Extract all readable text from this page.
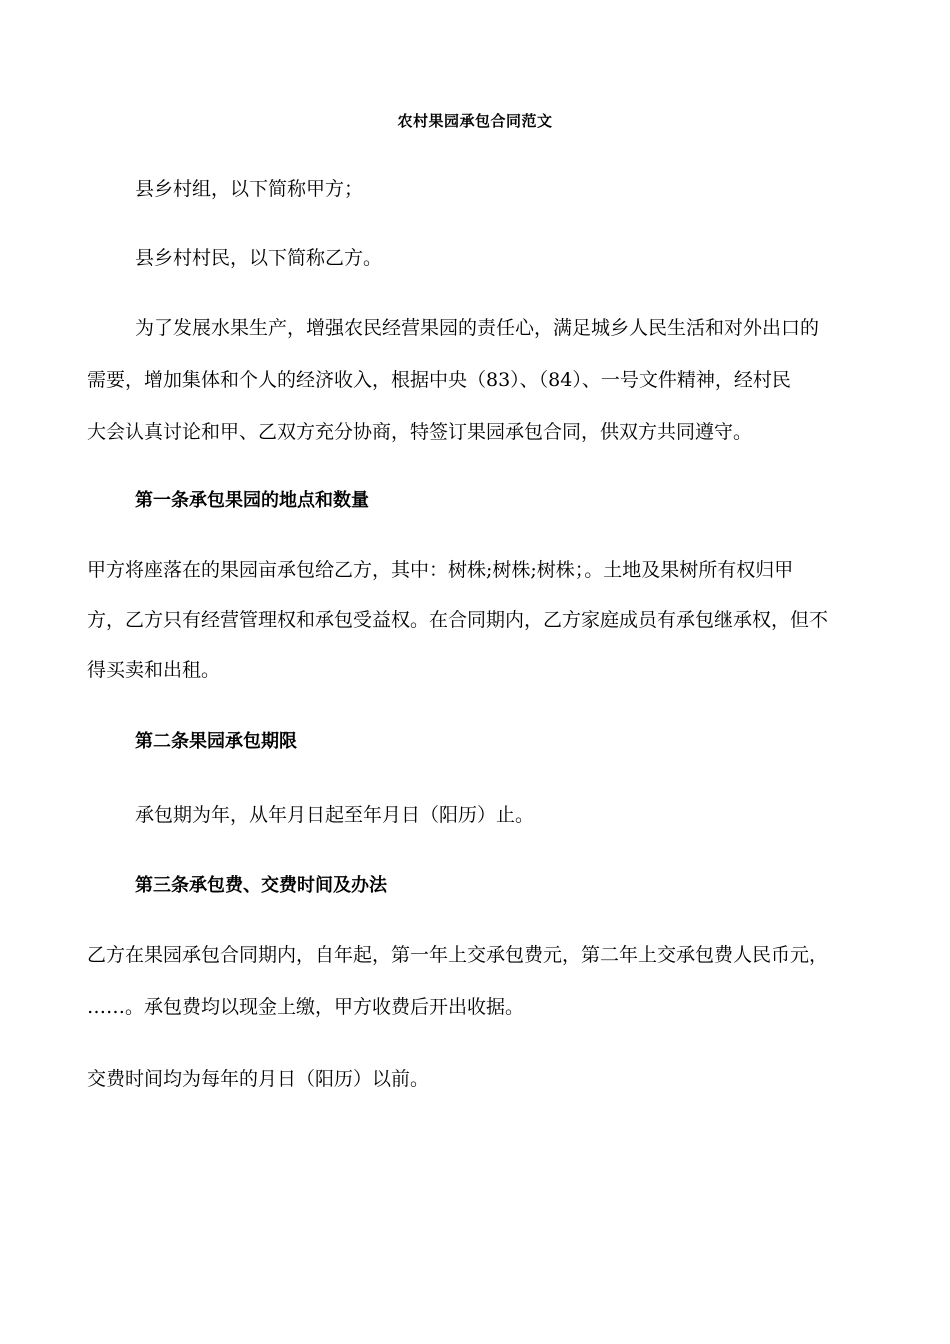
农村果园承包合同范文
县乡村组，以下简称甲方；
县乡村村民，以下简称乙方。
为了发展水果生产，增强农民经营果园的责任心，满足城乡人民生活和对外出口的
需要，增加集体和个人的经济收入，根据中央（83）、（84）、一号文件精神，经村民
大会认真讨论和甲、乙双方充分协商，特签订果园承包合同，供双方共同遵守。
第一条承包果园的地点和数量
甲方将座落在的果园亩承包给乙方，其中：树株;树株;树株；。土地及果树所有权归甲
方，乙方只有经营管理权和承包受益权。在合同期内，乙方家庭成员有承包继承权，但不
得买卖和出租。
第二条果园承包期限
承包期为年，从年月日起至年月日（阳历）止。
第三条承包费、交费时间及办法
乙方在果园承包合同期内，自年起，第一年上交承包费元，第二年上交承包费人民币元，
……。承包费均以现金上缴，甲方收费后开出收据。
交费时间均为每年的月日（阳历）以前。
